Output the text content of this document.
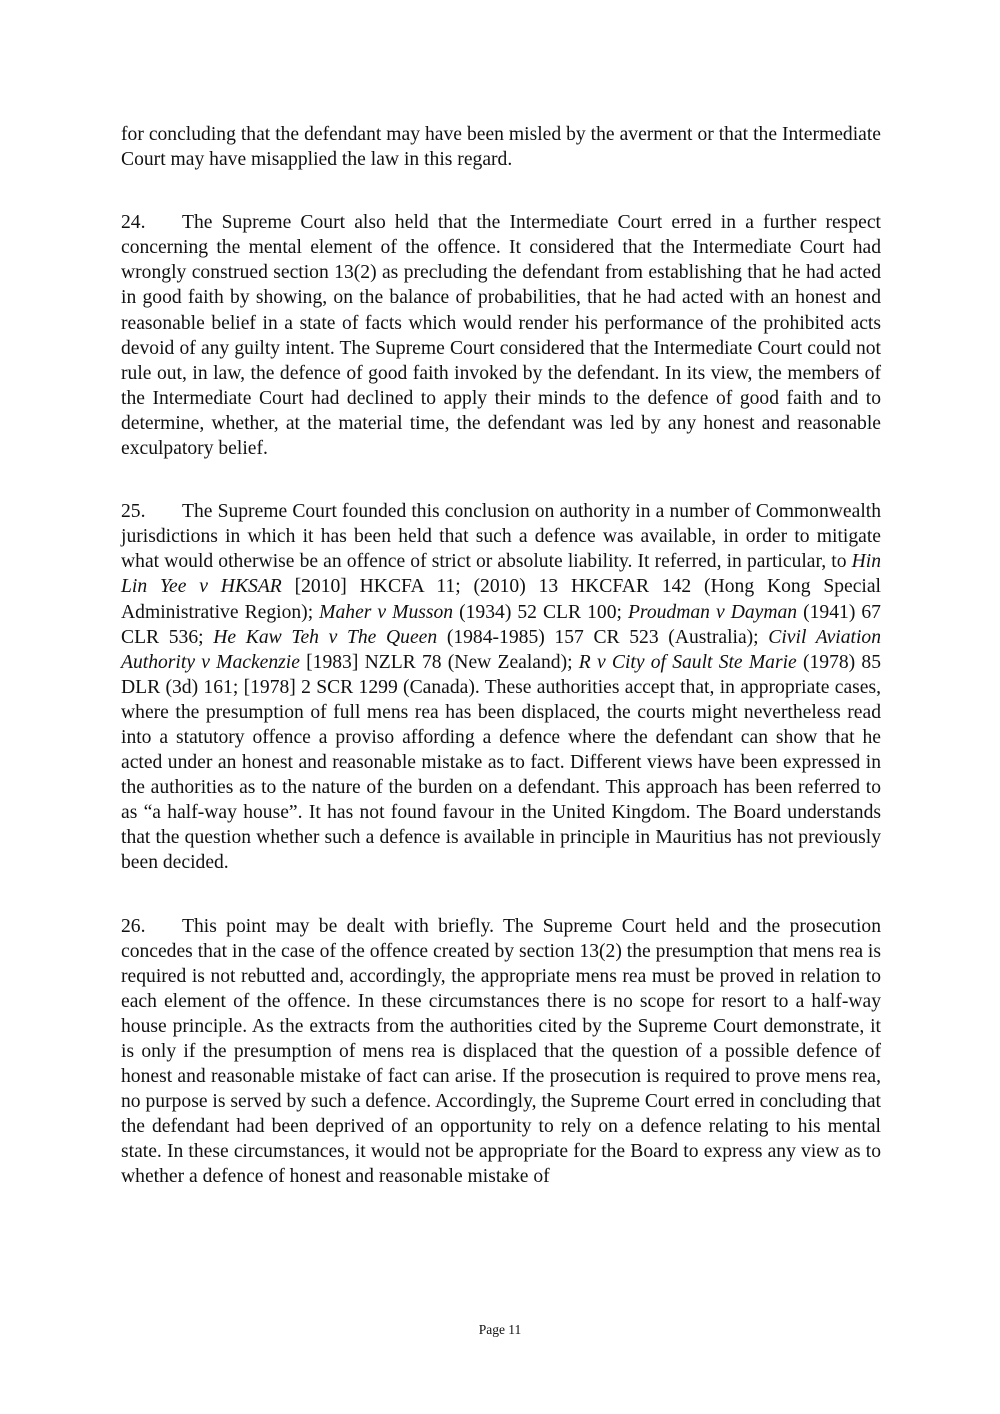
for concluding that the defendant may have been misled by the averment or that the Intermediate Court may have misapplied the law in this regard.

24. The Supreme Court also held that the Intermediate Court erred in a further respect concerning the mental element of the offence. It considered that the Intermediate Court had wrongly construed section 13(2) as precluding the defendant from establishing that he had acted in good faith by showing, on the balance of probabilities, that he had acted with an honest and reasonable belief in a state of facts which would render his performance of the prohibited acts devoid of any guilty intent. The Supreme Court considered that the Intermediate Court could not rule out, in law, the defence of good faith invoked by the defendant. In its view, the members of the Intermediate Court had declined to apply their minds to the defence of good faith and to determine, whether, at the material time, the defendant was led by any honest and reasonable exculpatory belief.

25. The Supreme Court founded this conclusion on authority in a number of Commonwealth jurisdictions in which it has been held that such a defence was available, in order to mitigate what would otherwise be an offence of strict or absolute liability. It referred, in particular, to Hin Lin Yee v HKSAR [2010] HKCFA 11; (2010) 13 HKCFAR 142 (Hong Kong Special Administrative Region); Maher v Musson (1934) 52 CLR 100; Proudman v Dayman (1941) 67 CLR 536; He Kaw Teh v The Queen (1984-1985) 157 CR 523 (Australia); Civil Aviation Authority v Mackenzie [1983] NZLR 78 (New Zealand); R v City of Sault Ste Marie (1978) 85 DLR (3d) 161; [1978] 2 SCR 1299 (Canada). These authorities accept that, in appropriate cases, where the presumption of full mens rea has been displaced, the courts might nevertheless read into a statutory offence a proviso affording a defence where the defendant can show that he acted under an honest and reasonable mistake as to fact. Different views have been expressed in the authorities as to the nature of the burden on a defendant. This approach has been referred to as “a half-way house”. It has not found favour in the United Kingdom. The Board understands that the question whether such a defence is available in principle in Mauritius has not previously been decided.

26. This point may be dealt with briefly. The Supreme Court held and the prosecution concedes that in the case of the offence created by section 13(2) the presumption that mens rea is required is not rebutted and, accordingly, the appropriate mens rea must be proved in relation to each element of the offence. In these circumstances there is no scope for resort to a half-way house principle. As the extracts from the authorities cited by the Supreme Court demonstrate, it is only if the presumption of mens rea is displaced that the question of a possible defence of honest and reasonable mistake of fact can arise. If the prosecution is required to prove mens rea, no purpose is served by such a defence. Accordingly, the Supreme Court erred in concluding that the defendant had been deprived of an opportunity to rely on a defence relating to his mental state. In these circumstances, it would not be appropriate for the Board to express any view as to whether a defence of honest and reasonable mistake of

Page 11
